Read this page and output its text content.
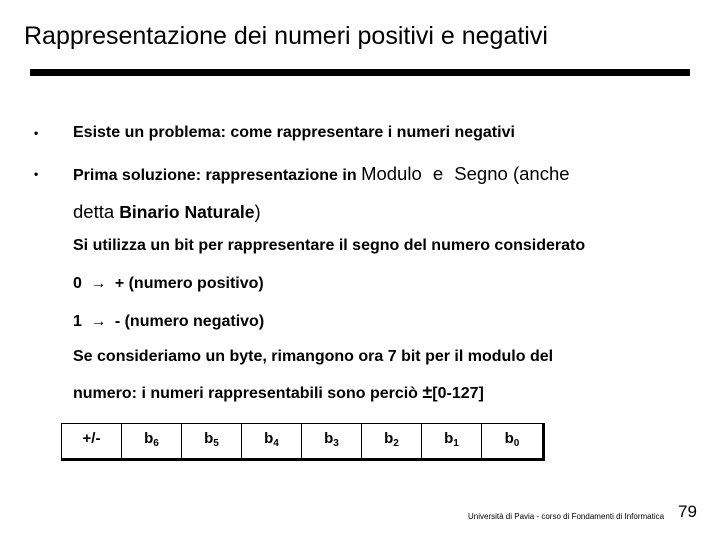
Rappresentazione dei numeri positivi e negativi
• Esiste un problema: come rappresentare i numeri negativi
• Prima soluzione: rappresentazione in Modulo e Segno (anche
detta Binario Naturale)
Si utilizza un bit per rappresentare il segno del numero considerato
0 → + (numero positivo)
1 → - (numero negativo)
Se consideriamo un byte, rimangono ora 7 bit per il modulo del
numero: i numeri rappresentabili sono perciò ±[0-127]
+/-	$b_6$	$b_5$	$b_4$	$b_3$	$b_2$	$b_1$	$b_0$
Università di Pavia - corso di Fondamenti di Informatica 79
